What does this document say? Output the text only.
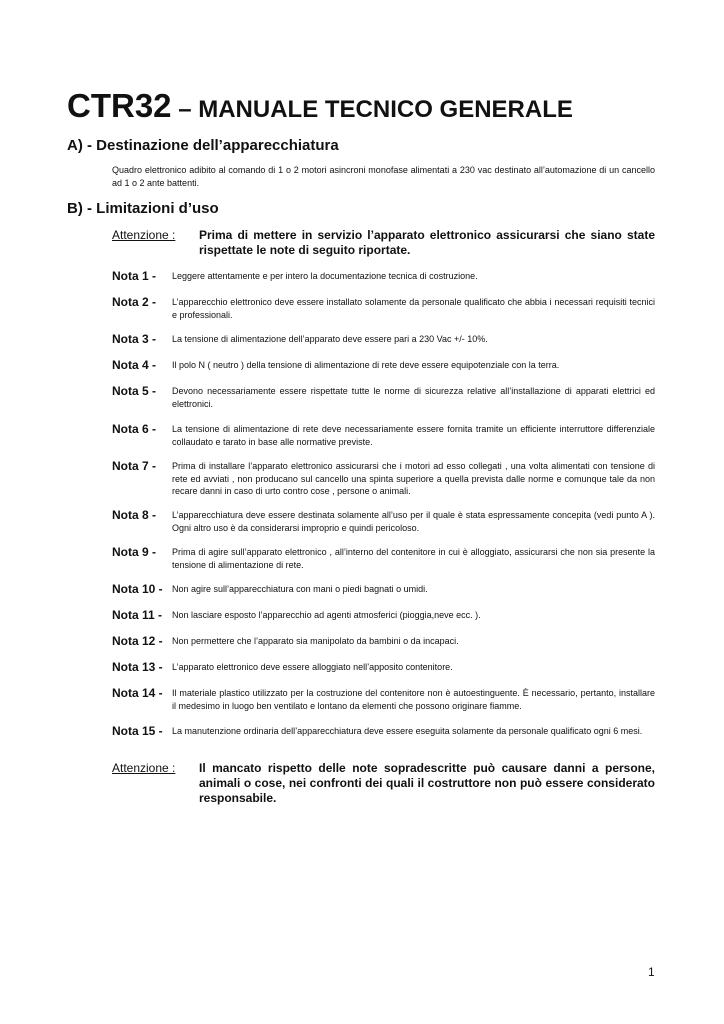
CTR32 – MANUALE TECNICO GENERALE
A) - Destinazione dell’apparecchiatura

Quadro elettronico adibito al comando di 1 o 2 motori asincroni monofase alimentati a 230 vac destinato all’automazione di un cancello ad 1 o 2 ante battenti.

B) - Limitazioni d’uso
Attenzione :	Prima di mettere in servizio l’apparato elettronico assicurarsi che siano state rispettate le note di seguito riportate.
Nota 1 -	Leggere attentamente e per intero la documentazione tecnica di costruzione.
Nota 2 -	L’apparecchio elettronico deve essere installato solamente da personale qualificato che abbia i necessari requisiti tecnici e professionali.
Nota 3 -	La tensione di alimentazione dell’apparato deve essere pari a 230 Vac +/- 10%.
Nota 4 -	Il polo N ( neutro ) della tensione di alimentazione di rete deve essere equipotenziale con la terra.
Nota 5 -	Devono necessariamente essere rispettate tutte le norme di sicurezza relative all’installazione di apparati elettrici ed elettronici.
Nota 6 -	La tensione di alimentazione di rete deve necessariamente essere fornita tramite un efficiente interruttore differenziale collaudato e tarato in base alle normative previste.
Nota 7 -	Prima di installare l’apparato elettronico assicurarsi che i motori ad esso collegati , una volta alimentati con tensione di rete ed avviati , non producano sul cancello una spinta superiore a quella prevista dalle norme e comunque tale da non recare danni in caso di urto contro cose , persone o animali.
Nota 8 -	L’apparecchiatura deve essere destinata solamente all’uso per il quale è stata espressamente concepita (vedi punto A ). Ogni altro uso è da considerarsi improprio e quindi pericoloso.
Nota 9 -	Prima di agire sull’apparato elettronico , all’interno del contenitore in cui è alloggiato, assicurarsi che non sia presente la tensione di alimentazione di rete.
Nota 10 -	Non agire sull’apparecchiatura con mani o piedi bagnati o umidi.
Nota 11 -	Non lasciare esposto l’apparecchio ad agenti atmosferici (pioggia,neve ecc. ).
Nota 12 -	Non permettere che l’apparato sia manipolato da bambini o da incapaci.
Nota 13 -	L’apparato elettronico deve essere alloggiato nell’apposito contenitore.
Nota 14 -	Il materiale plastico utilizzato per la costruzione del contenitore non è autoestinguente. È necessario, pertanto, installare il medesimo in luogo ben ventilato e lontano da elementi che possono originare fiamme.
Nota 15 -	La manutenzione ordinaria dell’apparecchiatura deve essere eseguita solamente da personale qualificato ogni 6 mesi.
Attenzione :	Il mancato rispetto delle note sopradescritte può causare danni a persone, animali o cose, nei confronti dei quali il costruttore non può essere considerato responsabile.
1
